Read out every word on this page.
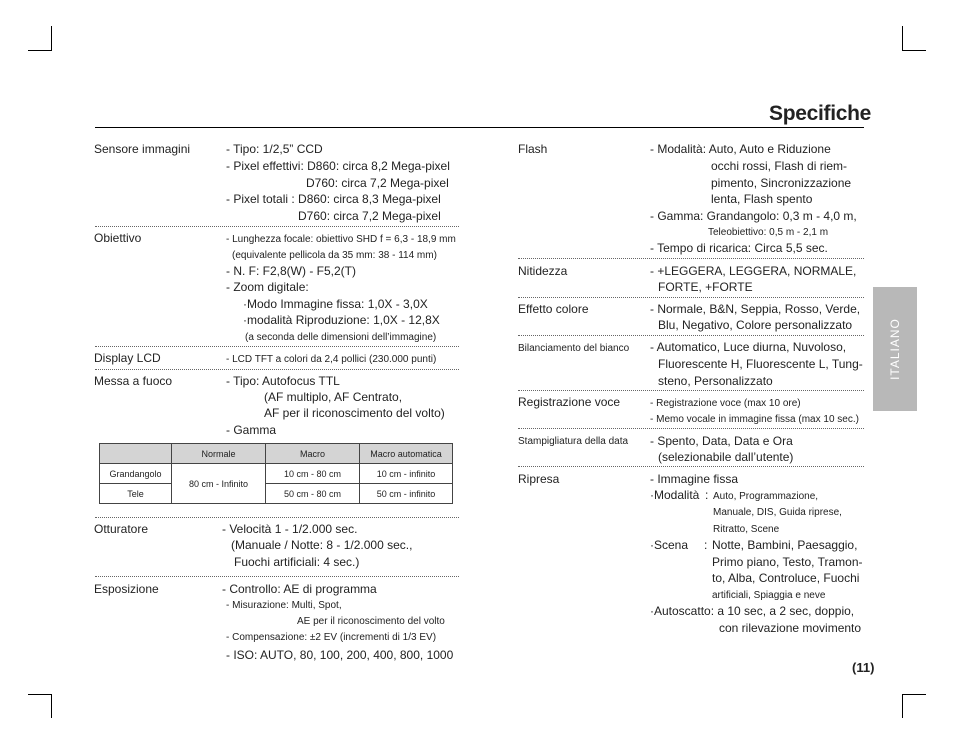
Specifiche
ITALIANO
Sensore immagini	- Tipo: 1/2,5” CCD
- Pixel effettivi: D860: circa 8,2 Mega-pixel
D760: circa 7,2 Mega-pixel
- Pixel totali : D860: circa 8,3 Mega-pixel
D760: circa 7,2 Mega-pixel
Obiettivo	- Lunghezza focale: obiettivo SHD f = 6,3 - 18,9 mm
(equivalente pellicola da 35 mm: 38 - 114 mm)
- N. F: F2,8(W) - F5,2(T)
- Zoom digitale:
·Modo Immagine fissa: 1,0X - 3,0X
·modalità Riproduzione: 1,0X - 12,8X
(a seconda delle dimensioni dell’immagine)
Display LCD	- LCD TFT a colori da 2,4 pollici (230.000 punti)
Messa a fuoco	- Tipo: Autofocus TTL
(AF multiplo, AF Centrato,
AF per il riconoscimento del volto)
- Gamma
	Normale	Macro	Macro automatica
Grandangolo	80 cm - Infinito	10 cm - 80 cm	10 cm - infinito
Tele		50 cm - 80 cm	50 cm - infinito
Otturatore	- Velocità 1 - 1/2.000 sec.
(Manuale / Notte: 8 - 1/2.000 sec.,
Fuochi artificiali: 4 sec.)
Esposizione	- Controllo: AE di programma
- Misurazione: Multi, Spot,
AE per il riconoscimento del volto
- Compensazione: ±2 EV (incrementi di 1/3 EV)
- ISO: AUTO, 80, 100, 200, 400, 800, 1000
Flash	- Modalità: Auto, Auto e Riduzione
occhi rossi, Flash di riem-
pimento, Sincronizzazione
lenta, Flash spento
- Gamma: Grandangolo: 0,3 m - 4,0 m,
Teleobiettivo: 0,5 m - 2,1 m
- Tempo di ricarica: Circa 5,5 sec.
Nitidezza	- +LEGGERA, LEGGERA, NORMALE,
FORTE, +FORTE
Effetto colore	- Normale, B&N, Seppia, Rosso, Verde,
Blu, Negativo, Colore personalizzato
Bilanciamento del bianco - Automatico, Luce diurna, Nuvoloso,
Fluorescente H, Fluorescente L, Tung-
steno, Personalizzato
Registrazione voce	- Registrazione voce (max 10 ore)
- Memo vocale in immagine fissa (max 10 sec.)
Stampigliatura della data - Spento, Data, Data e Ora
(selezionabile dall’utente)
Ripresa	- Immagine fissa
·Modalità : Auto, Programmazione,
Manuale, DIS, Guida riprese,
Ritratto, Scene
·Scena : Notte, Bambini, Paesaggio,
Primo piano, Testo, Tramon-
to, Alba, Controluce, Fuochi
artificiali, Spiaggia e neve
·Autoscatto: a 10 sec, a 2 sec, doppio,
con rilevazione movimento
(11)
